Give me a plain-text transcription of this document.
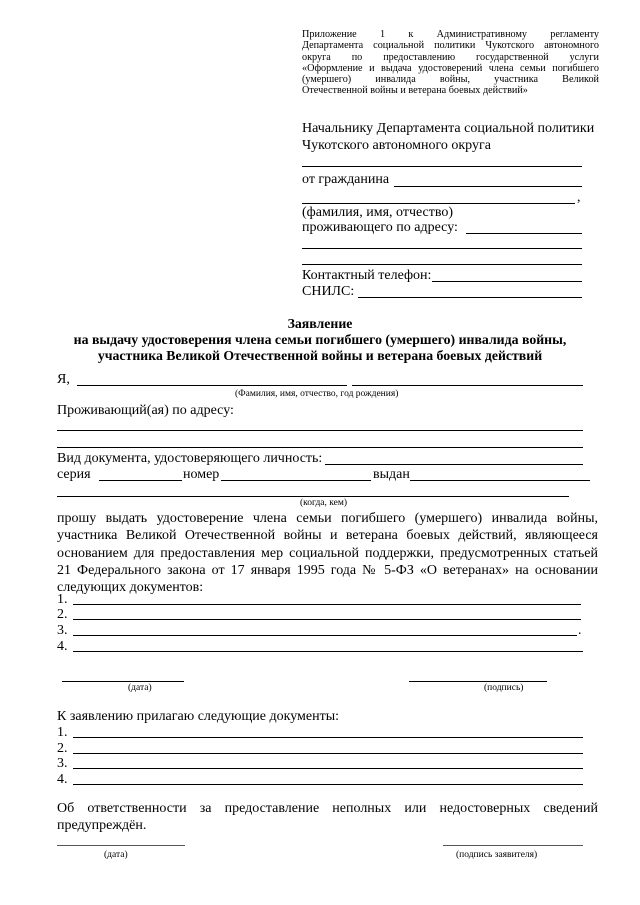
Приложение 1 к Административному регламенту
Департамента социальной политики Чукотского автономного
округа по предоставлению государственной услуги
«Оформление и выдача удостоверений члена семьи погибшего
(умершего) инвалида войны, участника Великой
Отечественной войны и ветерана боевых действий»
Начальнику Департамента социальной политики
Чукотского автономного округа
от гражданина
,
(фамилия, имя, отчество)
проживающего по адресу:
Контактный телефон:
СНИЛС:
Заявление
на выдачу удостоверения члена семьи погибшего (умершего) инвалида войны,
участника Великой Отечественной войны и ветерана боевых действий
Я,
(Фамилия, имя, отчество, год рождения)
Проживающий(ая) по адресу:
Вид документа, удостоверяющего личность:
серия	номер	выдан
(когда, кем)
прошу выдать удостоверение члена семьи погибшего (умершего) инвалида войны,
участника Великой Отечественной войны и ветерана боевых действий, являющееся
основанием для предоставления мер социальной поддержки, предусмотренных статьей
21 Федерального закона от 17 января 1995 года № 5-ФЗ «О ветеранах» на основании
следующих документов:
1.
2.
3.	.
4.
(дата)	(подпись)
К заявлению прилагаю следующие документы:
1.
2.
3.
4.
Об ответственности за предоставление неполных или недостоверных сведений
предупреждён.
(дата)	(подпись заявителя)
